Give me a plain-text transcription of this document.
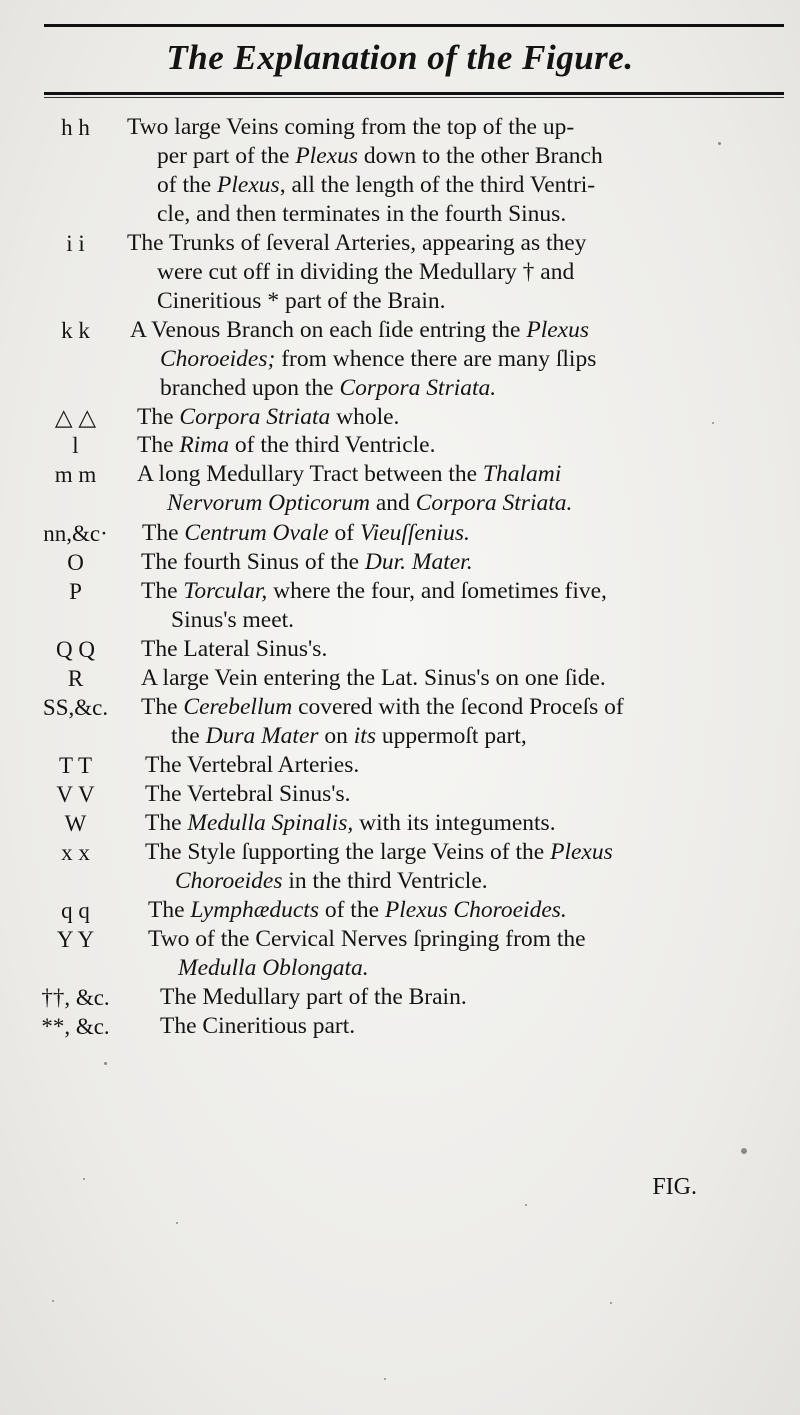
The Explanation of the Figure.
h h	Two large Veins coming from the top of the up-
per part of the Plexus down to the other Branch
of the Plexus, all the length of the third Ventri-
cle, and then terminates in the fourth Sinus.
i i	The Trunks of ſeveral Arteries, appearing as they
were cut off in dividing the Medullary † and
Cineritious * part of the Brain.
k k	A Venous Branch on each ſide entring the Plexus
Choroeides; from whence there are many ſlips
branched upon the Corpora Striata.
△ △	The Corpora Striata whole.
l	The Rima of the third Ventricle.
m m	A long Medullary Tract between the Thalami
Nervorum Opticorum and Corpora Striata.
nn,&c·	The Centrum Ovale of Vieuſſenius.
O	The fourth Sinus of the Dur. Mater.
P	The Torcular, where the four, and ſometimes five,
Sinus's meet.
Q Q	The Lateral Sinus's.
R	A large Vein entering the Lat. Sinus's on one ſide.
SS,&c.	The Cerebellum covered with the ſecond Proceſs of
the Dura Mater on its uppermoſt part,
T T	The Vertebral Arteries.
V V	The Vertebral Sinus's.
W	The Medulla Spinalis, with its integuments.
x x	The Style ſupporting the large Veins of the Plexus
Choroeides in the third Ventricle.
q q	The Lymphæducts of the Plexus Choroeides.
Y Y	Two of the Cervical Nerves ſpringing from the
Medulla Oblongata.
††, &c.	The Medullary part of the Brain.
**, &c.	The Cineritious part.
FIG.
